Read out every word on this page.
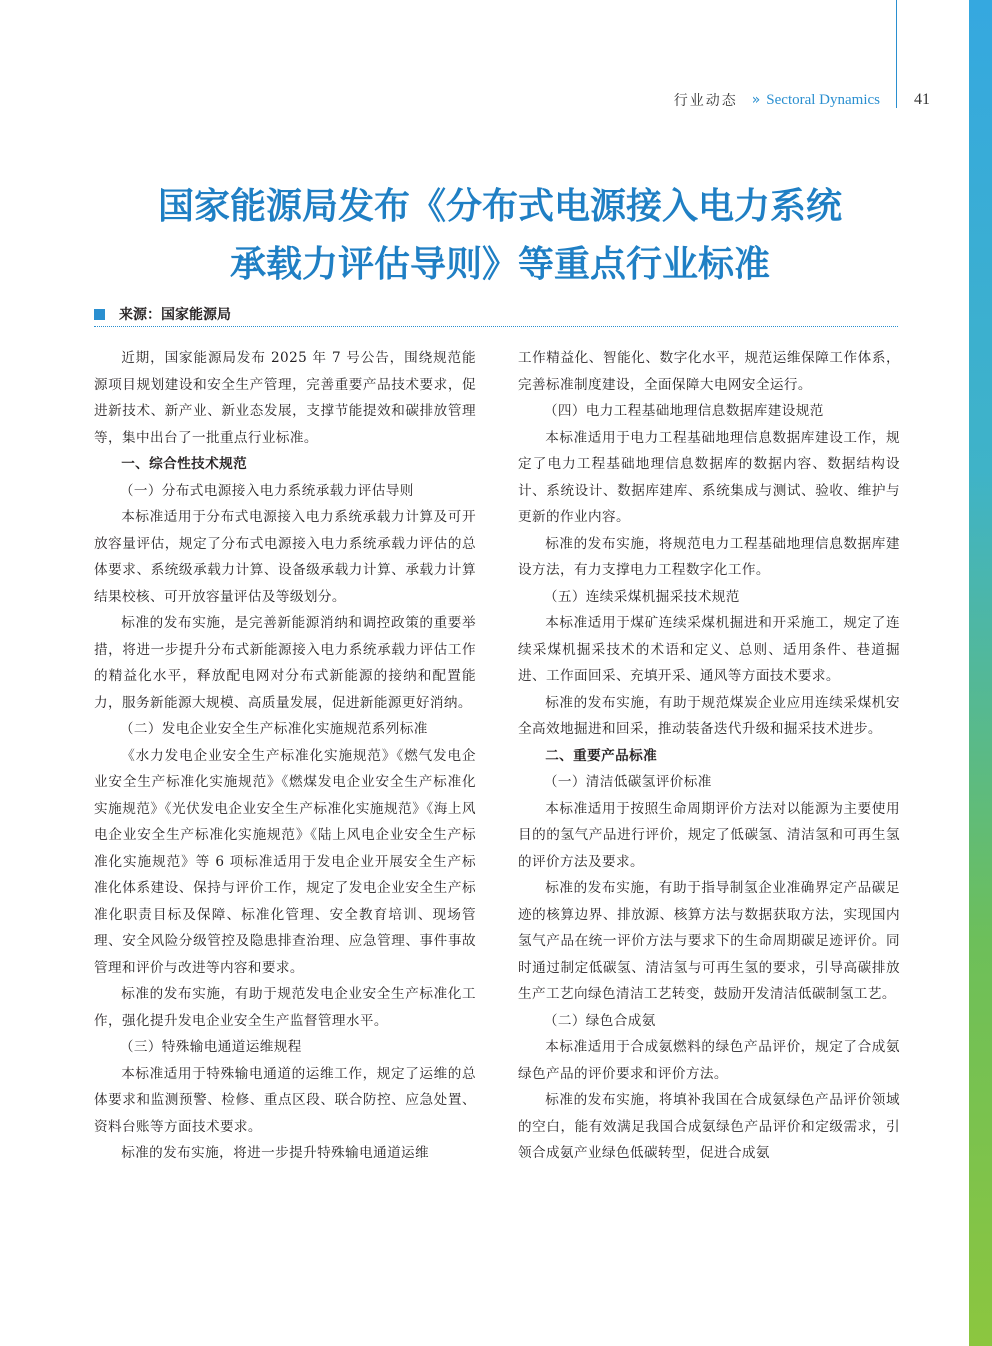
行业动态 » Sectoral Dynamics 41
国家能源局发布《分布式电源接入电力系统
承载力评估导则》等重点行业标准
来源：国家能源局

近期，国家能源局发布 2025 年 7 号公告，围绕规范能源项目规划建设和安全生产管理，完善重要产品技术要求，促进新技术、新产业、新业态发展，支撑节能提效和碳排放管理等，集中出台了一批重点行业标准。

一、综合性技术规范

（一）分布式电源接入电力系统承载力评估导则

本标准适用于分布式电源接入电力系统承载力计算及可开放容量评估，规定了分布式电源接入电力系统承载力评估的总体要求、系统级承载力计算、设备级承载力计算、承载力计算结果校核、可开放容量评估及等级划分。

标准的发布实施，是完善新能源消纳和调控政策的重要举措，将进一步提升分布式新能源接入电力系统承载力评估工作的精益化水平，释放配电网对分布式新能源的接纳和配置能力，服务新能源大规模、高质量发展，促进新能源更好消纳。

（二）发电企业安全生产标准化实施规范系列标准

《水力发电企业安全生产标准化实施规范》《燃气发电企业安全生产标准化实施规范》《燃煤发电企业安全生产标准化实施规范》《光伏发电企业安全生产标准化实施规范》《海上风电企业安全生产标准化实施规范》《陆上风电企业安全生产标准化实施规范》等 6 项标准适用于发电企业开展安全生产标准化体系建设、保持与评价工作，规定了发电企业安全生产标准化职责目标及保障、标准化管理、安全教育培训、现场管理、安全风险分级管控及隐患排查治理、应急管理、事件事故管理和评价与改进等内容和要求。

标准的发布实施，有助于规范发电企业安全生产标准化工作，强化提升发电企业安全生产监督管理水平。

（三）特殊输电通道运维规程

本标准适用于特殊输电通道的运维工作，规定了运维的总体要求和监测预警、检修、重点区段、联合防控、应急处置、资料台账等方面技术要求。

标准的发布实施，将进一步提升特殊输电通道运维

工作精益化、智能化、数字化水平，规范运维保障工作体系，完善标准制度建设，全面保障大电网安全运行。

（四）电力工程基础地理信息数据库建设规范

本标准适用于电力工程基础地理信息数据库建设工作，规定了电力工程基础地理信息数据库的数据内容、数据结构设计、系统设计、数据库建库、系统集成与测试、验收、维护与更新的作业内容。

标准的发布实施，将规范电力工程基础地理信息数据库建设方法，有力支撑电力工程数字化工作。

（五）连续采煤机掘采技术规范

本标准适用于煤矿连续采煤机掘进和开采施工，规定了连续采煤机掘采技术的术语和定义、总则、适用条件、巷道掘进、工作面回采、充填开采、通风等方面技术要求。

标准的发布实施，有助于规范煤炭企业应用连续采煤机安全高效地掘进和回采，推动装备迭代升级和掘采技术进步。

二、重要产品标准

（一）清洁低碳氢评价标准

本标准适用于按照生命周期评价方法对以能源为主要使用目的的氢气产品进行评价，规定了低碳氢、清洁氢和可再生氢的评价方法及要求。

标准的发布实施，有助于指导制氢企业准确界定产品碳足迹的核算边界、排放源、核算方法与数据获取方法，实现国内氢气产品在统一评价方法与要求下的生命周期碳足迹评价。同时通过制定低碳氢、清洁氢与可再生氢的要求，引导高碳排放生产工艺向绿色清洁工艺转变，鼓励开发清洁低碳制氢工艺。

（二）绿色合成氨

本标准适用于合成氨燃料的绿色产品评价，规定了合成氨绿色产品的评价要求和评价方法。

标准的发布实施，将填补我国在合成氨绿色产品评价领域的空白，能有效满足我国合成氨绿色产品评价和定级需求，引领合成氨产业绿色低碳转型，促进合成氨
